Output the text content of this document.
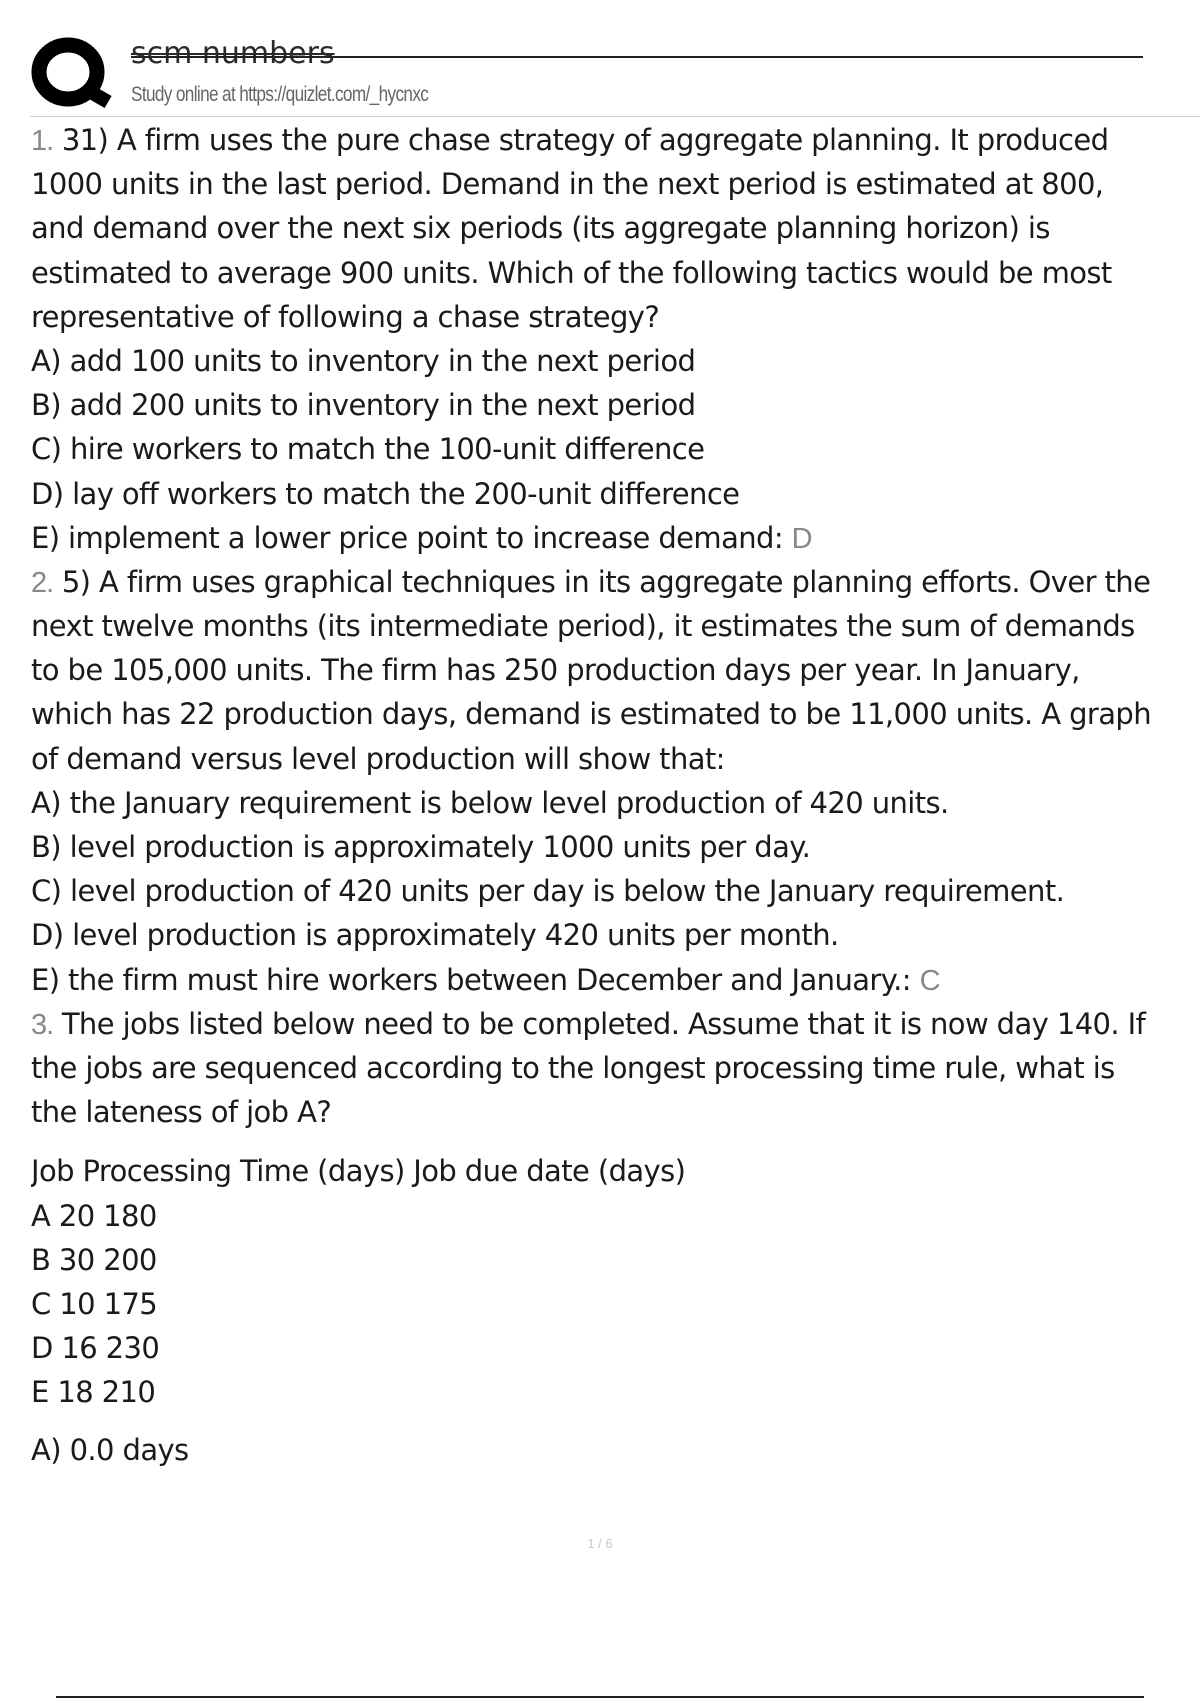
scm numbers
Study online at https://quizlet.com/_hycnxc
1. 31) A firm uses the pure chase strategy of aggregate planning. It produced
1000 units in the last period. Demand in the next period is estimated at 800,
and demand over the next six periods (its aggregate planning horizon) is
estimated to average 900 units. Which of the following tactics would be most
representative of following a chase strategy?
A) add 100 units to inventory in the next period
B) add 200 units to inventory in the next period
C) hire workers to match the 100-unit difference
D) lay off workers to match the 200-unit difference
E) implement a lower price point to increase demand: D
2. 5) A firm uses graphical techniques in its aggregate planning efforts. Over the
next twelve months (its intermediate period), it estimates the sum of demands
to be 105,000 units. The firm has 250 production days per year. In January,
which has 22 production days, demand is estimated to be 11,000 units. A graph
of demand versus level production will show that:
A) the January requirement is below level production of 420 units.
B) level production is approximately 1000 units per day.
C) level production of 420 units per day is below the January requirement.
D) level production is approximately 420 units per month.
E) the firm must hire workers between December and January.: C
3. The jobs listed below need to be completed. Assume that it is now day 140. If
the jobs are sequenced according to the longest processing time rule, what is
the lateness of job A?
Job Processing Time (days) Job due date (days)
A 20 180
B 30 200
C 10 175
D 16 230
E 18 210
A) 0.0 days
1 / 6
